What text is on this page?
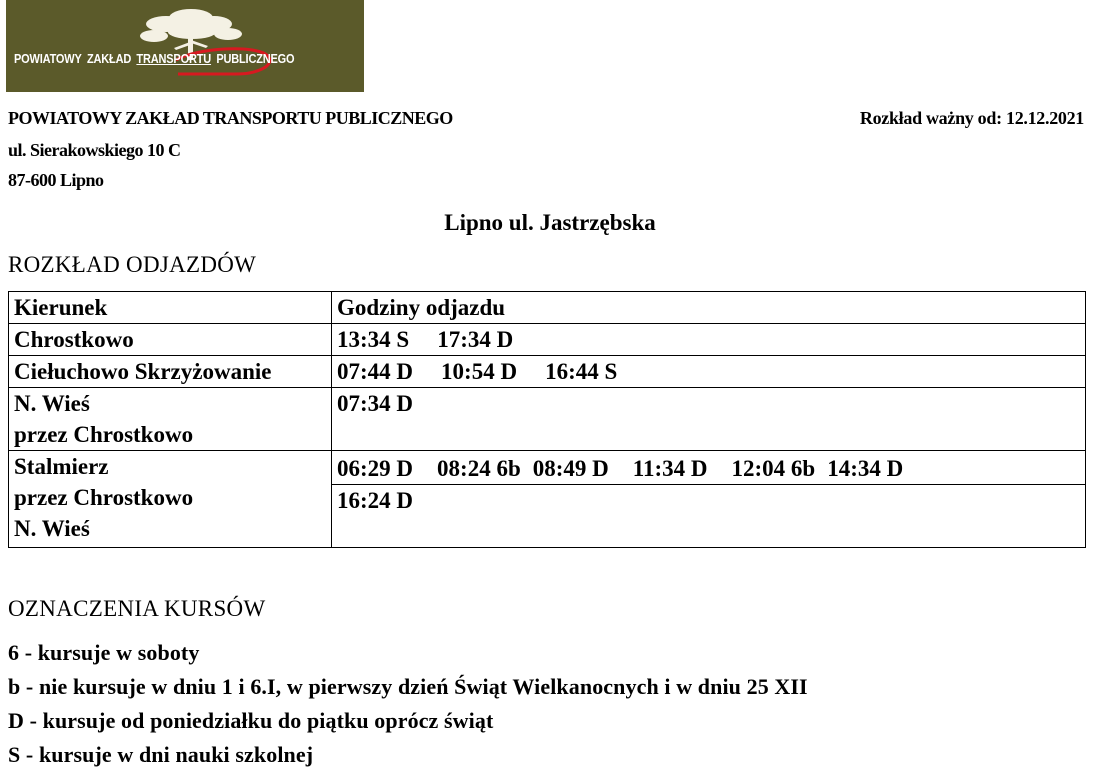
POWIATOWY ZAKŁAD TRANSPORTU PUBLICZNEGO
POWIATOWY ZAKŁAD TRANSPORTU PUBLICZNEGO
ul. Sierakowskiego 10 C
87-600 Lipno
Rozkład ważny od: 12.12.2021
Lipno ul. Jastrzębska
ROZKŁAD ODJAZDÓW
Kierunek	Godziny odjazdu

Chrostkowo	13:34 S 17:34 D

Ciełuchowo Skrzyżowanie	07:44 D 10:54 D 16:44 S

N. Wieś
przez Chrostkowo	07:34 D

Stalmierz
przez Chrostkowo
N. Wieś	06:29 D 08:24 6b 08:49 D 11:34 D 12:04 6b 14:34 D
	16:24 D
OZNACZENIA KURSÓW
6 - kursuje w soboty
b - nie kursuje w dniu 1 i 6.I, w pierwszy dzień Świąt Wielkanocnych i w dniu 25 XII
D - kursuje od poniedziałku do piątku oprócz świąt
S - kursuje w dni nauki szkolnej
